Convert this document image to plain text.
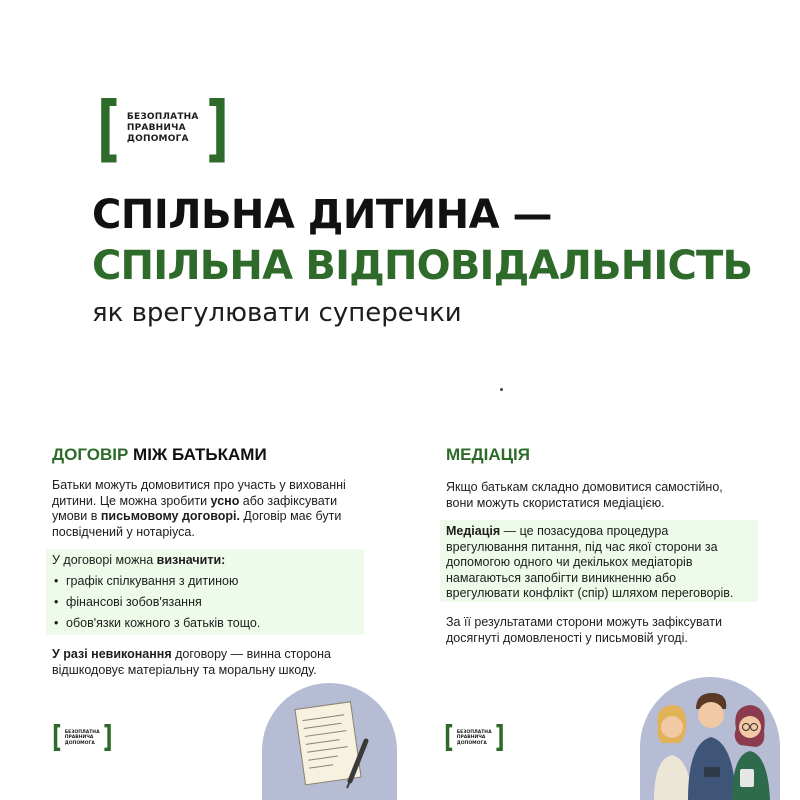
[ БЕЗОПЛАТНА
ПРАВНИЧА
ДОПОМОГА ]
СПІЛЬНА ДИТИНА —
СПІЛЬНА ВІДПОВІДАЛЬНІСТЬ
як врегулювати суперечки
ДОГОВІР МІЖ БАТЬКАМИ
Батьки можуть домовитися про участь у вихованні дитини. Це можна зробити усно або зафіксувати умови в письмовому договорі. Договір має бути посвідчений у нотаріуса.
У договорі можна визначити:
• графік спілкування з дитиною
• фінансові зобов'язання
• обов'язки кожного з батьків тощо.
У разі невиконання договору — винна сторона відшкодовує матеріальну та моральну шкоду.
[ БЕЗОПЛАТНА
ПРАВНИЧА
ДОПОМОГА ]
МЕДІАЦІЯ
Якщо батькам складно домовитися самостійно, вони можуть скористатися медіацією.
Медіація — це позасудова процедура врегулювання питання, під час якої сторони за допомогою одного чи декількох медіаторів намагаються запобігти виникненню або врегулювати конфлікт (спір) шляхом переговорів.
За її результатами сторони можуть зафіксувати досягнуті домовленості у письмовій угоді.
[ БЕЗОПЛАТНА
ПРАВНИЧА
ДОПОМОГА ]
